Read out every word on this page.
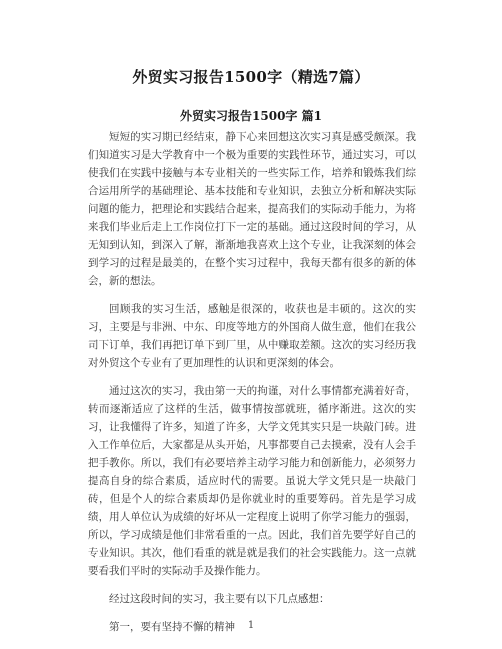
外贸实习报告1500字（精选7篇）
外贸实习报告1500字 篇1

短短的实习期已经结束，静下心来回想这次实习真是感受颇深。我们知道实习是大学教育中一个极为重要的实践性环节，通过实习，可以使我们在实践中接触与本专业相关的一些实际工作，培养和锻炼我们综合运用所学的基础理论、基本技能和专业知识，去独立分析和解决实际问题的能力，把理论和实践结合起来，提高我们的实际动手能力，为将来我们毕业后走上工作岗位打下一定的基础。通过这段时间的学习，从无知到认知，到深入了解，渐渐地我喜欢上这个专业，让我深刻的体会到学习的过程是最美的，在整个实习过程中，我每天都有很多的新的体会，新的想法。

回顾我的实习生活，感触是很深的，收获也是丰硕的。这次的实习，主要是与非洲、中东、印度等地方的外国商人做生意，他们在我公司下订单，我们再把订单下到厂里，从中赚取差额。这次的实习经历我对外贸这个专业有了更加理性的认识和更深刻的体会。

通过这次的实习，我由第一天的拘谨，对什么事情都充满着好奇，转而逐渐适应了这样的生活，做事情按部就班，循序渐进。这次的实习，让我懂得了许多，知道了许多，大学文凭其实只是一块敲门砖。进入工作单位后，大家都是从头开始，凡事都要自己去摸索，没有人会手把手教你。所以，我们有必要培养主动学习能力和创新能力，必须努力提高自身的综合素质，适应时代的需要。虽说大学文凭只是一块敲门砖，但是个人的综合素质却仍是你就业时的重要筹码。首先是学习成绩，用人单位认为成绩的好坏从一定程度上说明了你学习能力的强弱，所以，学习成绩是他们非常看重的一点。因此，我们首先要学好自己的专业知识。其次，他们看重的就是就是我们的社会实践能力。这一点就要看我们平时的实际动手及操作能力。

经过这段时间的实习，我主要有以下几点感想：

第一，要有坚持不懈的精神	1
